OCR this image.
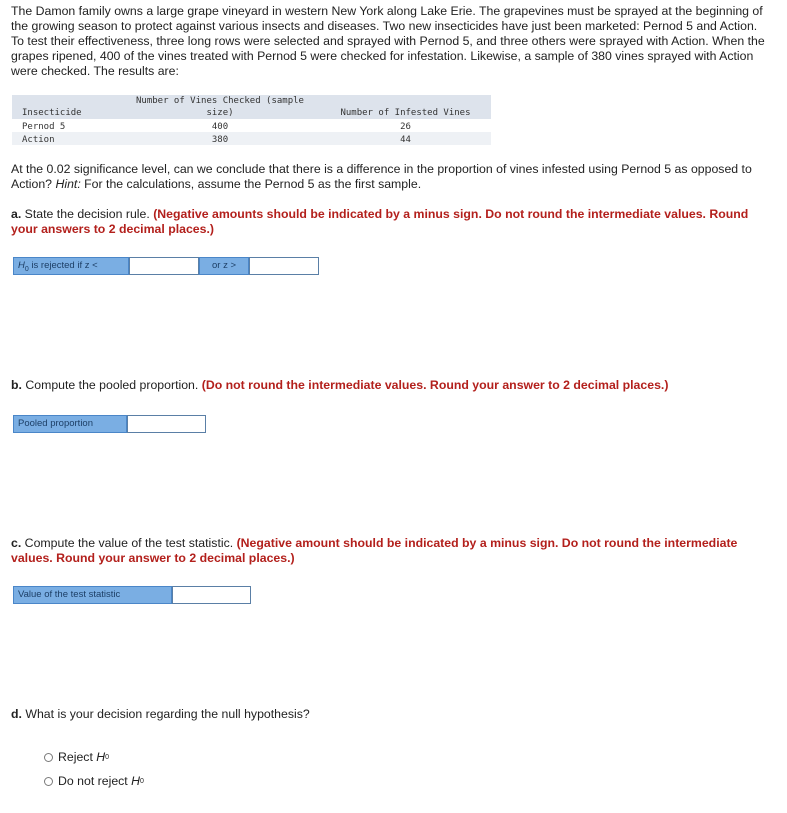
The Damon family owns a large grape vineyard in western New York along Lake Erie. The grapevines must be sprayed at the beginning of the growing season to protect against various insects and diseases. Two new insecticides have just been marketed: Pernod 5 and Action. To test their effectiveness, three long rows were selected and sprayed with Pernod 5, and three others were sprayed with Action. When the grapes ripened, 400 of the vines treated with Pernod 5 were checked for infestation. Likewise, a sample of 380 vines sprayed with Action were checked. The results are:
Insecticide	Number of Vines Checked (sample
size)	Number of Infested Vines
Pernod 5	400	26
Action	380	44
At the 0.02 significance level, can we conclude that there is a difference in the proportion of vines infested using Pernod 5 as opposed to Action? Hint: For the calculations, assume the Pernod 5 as the first sample.
a. State the decision rule. (Negative amounts should be indicated by a minus sign. Do not round the intermediate values. Round your answers to 2 decimal places.)
$H_0$ is rejected if z <	or z >
b. Compute the pooled proportion. (Do not round the intermediate values. Round your answer to 2 decimal places.)
Pooled proportion
c. Compute the value of the test statistic. (Negative amount should be indicated by a minus sign. Do not round the intermediate values. Round your answer to 2 decimal places.)
Value of the test statistic
d. What is your decision regarding the null hypothesis?
Reject
H 0
Do not reject
H 0
